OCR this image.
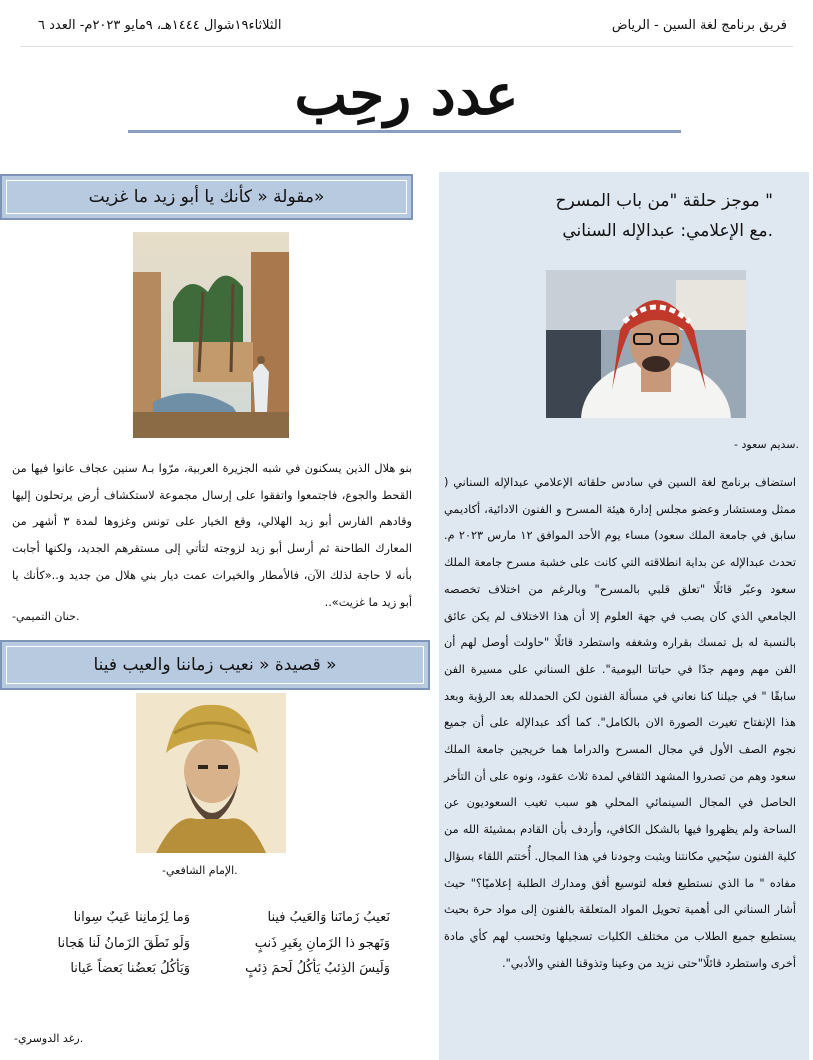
فريق برنامج لغة السين - الرياض
الثلاثاء١٩شوال ١٤٤٤هـ، ٩مايو ٢٠٢٣م- العدد ٦
عدد رحِب
موجز حلقة "من باب المسرح "
مع الإعلامي: عبدالإله السناني.
- سديم سعود.
استضاف برنامج لغة السين في سادس حلقاته الإعلامي عبدالإله السناني ( ممثل ومستشار وعضو مجلس إدارة هيئة المسرح و الفنون الادائية، أكاديمي سابق في جامعة الملك سعود) مساء يوم الأحد الموافق ١٢ مارس ٢٠٢٣ م. تحدث عبدالإله عن بداية انطلاقته التي كانت على خشبة مسرح جامعة الملك سعود وعبّر قائلًا "تعلق قلبي بالمسرح" وبالرغم من اختلاف تخصصه الجامعي الذي كان يصب في جهة العلوم إلا أن هذا الاختلاف لم يكن عائق بالنسبة له بل تمسك بقراره وشغفه واستطرد قائلًا "حاولت أوصل لهم أن الفن مهم ومهم جدًا في حياتنا اليومية". علق السناني على مسيرة الفن سابقًا " في جيلنا كنا نعاني في مسألة الفنون لكن الحمدلله بعد الرؤية وبعد هذا الإنفتاح تغيرت الصورة الان بالكامل". كما أكد عبدالإله على أن جميع نجوم الصف الأول في مجال المسرح والدراما هما خريجين جامعة الملك سعود وهم من تصدروا المشهد الثقافي لمدة ثلاث عقود، ونوه على أن التأخر الحاصل في المجال السينمائي المحلي هو سبب تغيب السعوديون عن الساحة ولم يظهروا فيها بالشكل الكافي، وأردف بأن القادم بمشيئة الله من كلية الفنون سيُحيي مكانتنا ويثبت وجودنا في هذا المجال. أُختتم اللقاء بسؤال مفاده " ما الذي نستطيع فعله لتوسيع أفق ومدارك الطلبة إعلاميًا؟" حيث أشار السناني الى أهمية تحويل المواد المتعلقة بالفنون إلى مواد حرة بحيث يستطيع جميع الطلاب من مختلف الكليات تسجيلها وتحسب لهم كأي مادة أخرى واستطرد قائلًا"حتى نزيد من وعينا وتذوقنا الفني والأدبي".
مقولة « كأنك يا أبو زيد ما غزيت»
بنو هلال الذين يسكنون في شبه الجزيرة العربية، مرّوا بـ٨ سنين عجاف عانوا فيها من القحط والجوع، فاجتمعوا واتفقوا على إرسال مجموعة لاستكشاف أرض يرتحلون إليها وقادهم الفارس أبو زيد الهلالي، وقع الخيار على تونس وغزوها لمدة ٣ أشهر من المعارك الطاحنة ثم أرسل أبو زيد لزوجته لتأتي إلى مستقرهم الجديد، ولكنها أجابت بأنه لا حاجة لذلك الآن، فالأمطار والخيرات عمت ديار بني هلال من جديد و..«كأنك يا أبو زيد ما غزيت»..
-حنان التميمي.
قصيدة « نعيب زماننا والعيب فينا »
-الإمام الشافعي.
نَعيبُ زَمانَنا وَالعَيبُ فينا
وَنَهجو ذا الزَمانِ بِغَيرِ ذَنبٍ
وَلَيسَ الذِئبُ يَأكُلُ لَحمَ ذِئبٍ
وَما لِزَمانِنا عَيبٌ سِوانا
وَلَو نَطَقَ الزَمانُ لَنا هَجانا
وَيَأكُلُ بَعضُنا بَعضاً عَيانا
-رغد الدوسري.
